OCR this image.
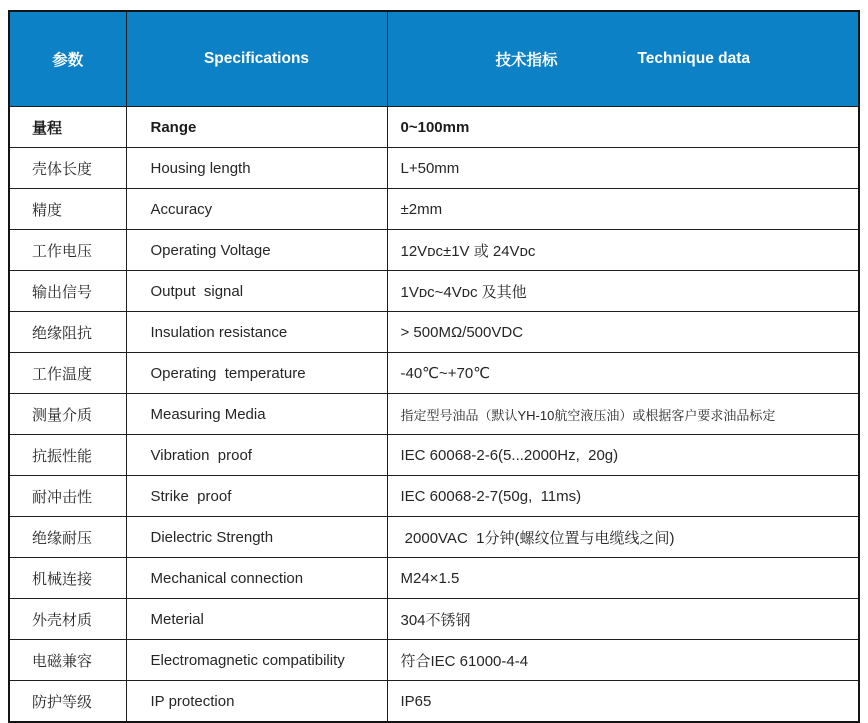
参数	Specifications	技术指标 Technique data

量程	Range	0~100mm
壳体长度	Housing length	L+50mm
精度	Accuracy	±2mm
工作电压	Operating Voltage	12Vᴅᴄ±1V 或 24Vᴅᴄ
输出信号	Output  signal	1Vᴅᴄ~4Vᴅᴄ 及其他
绝缘阻抗	Insulation resistance	> 500MΩ/500VDC
工作温度	Operating  temperature	-40℃~+70℃
测量介质	Measuring Media	指定型号油品（默认YH-10航空液压油）或根据客户要求油品标定
抗振性能	Vibration  proof	IEC 60068-2-6(5...2000Hz,  20g)
耐冲击性	Strike  proof	IEC 60068-2-7(50g,  11ms)
绝缘耐压	Dielectric Strength	2000VAC  1分钟(螺纹位置与电缆线之间)
机械连接	Mechanical connection	M24×1.5
外壳材质	Meterial	304不锈钢
电磁兼容	Electromagnetic compatibility	符合IEC 61000-4-4
防护等级	IP protection	IP65
